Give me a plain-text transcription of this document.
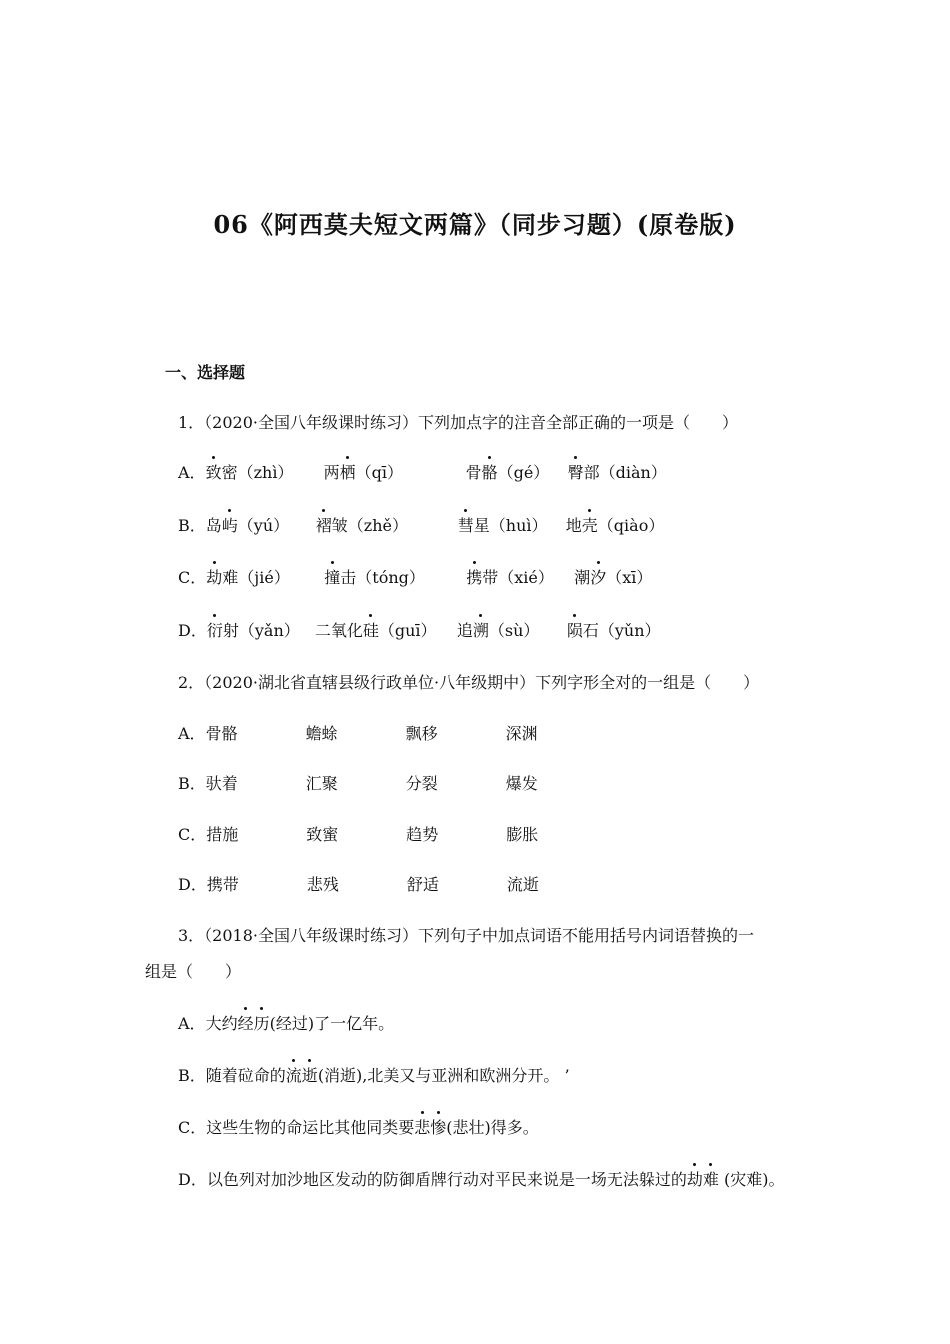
06《阿西莫夫短文两篇》（同步习题）(原卷版)
一、选择题
1．（2020·全国八年级课时练习）下列加点字的注音全部正确的一项是（　　）
A．致密（zhì） 两栖（qī）	骨骼（gé） 臀部（diàn）
B．岛屿（yú） 褶皱（zhě）	彗星（huì） 地壳（qiào）
C．劫难（jié） 撞击（tóng）	携带（xié） 潮汐（xī）
D．衍射（yǎn） 二氧化硅（guī） 追溯（sù） 陨石（yǔn）
2．（2020·湖北省直辖县级行政单位·八年级期中）下列字形全对的一组是（　　）
A．骨骼	蟾蜍	飘移	深渊
B．驮着	汇聚	分裂	爆发
C．措施	致蜜	趋势	膨胀
D．携带	悲残	舒适	流逝
3．（2018·全国八年级课时练习）下列句子中加点词语不能用括号内词语替换的一
组是（　　）
A．大约经历(经过)了一亿年。
B．随着砬命的流逝(消逝),北美又与亚洲和欧洲分开。 ’
C．这些生物的命运比其他同类要悲惨(悲壮)得多。
D．以色列对加沙地区发动的防御盾牌行动对平民来说是一场无法躲过的劫难 (灾难)。
